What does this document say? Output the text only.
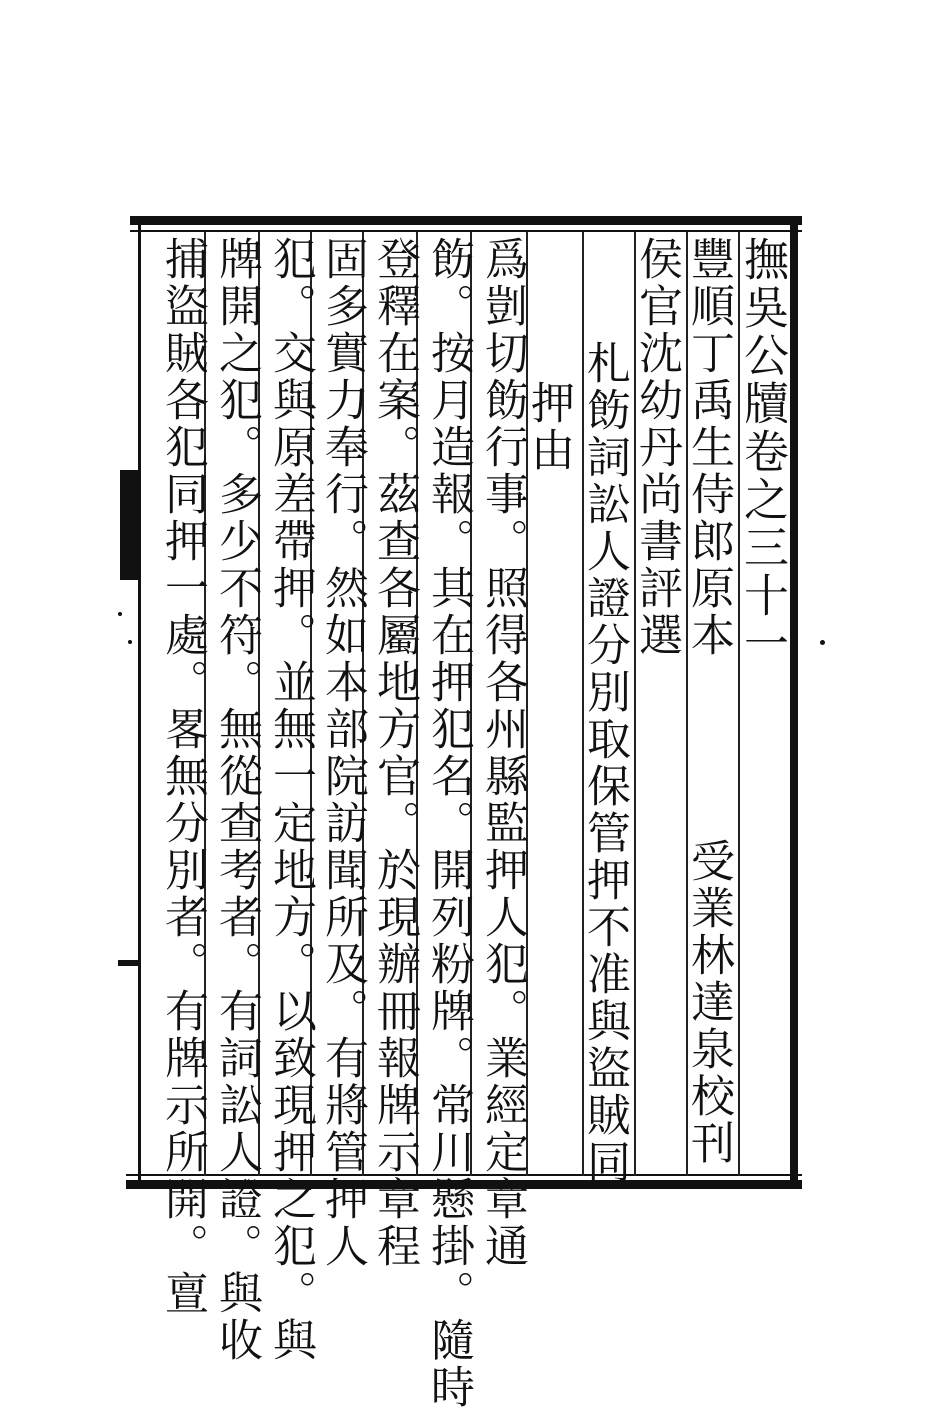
撫吳公牘卷之三十一
豐順丁禹生侍郎原本
受業林達泉校刊
侯官沈幼丹尚書評選
札飭詞訟人證分別取保管押不准與盜賊同
押由
爲剴切飭行事。照得各州縣監押人犯。業經定章通
飭。按月造報。其在押犯名。開列粉牌。常川懸掛。隨時
登釋在案。茲查各屬地方官。於現辦冊報牌示章程
固多實力奉行。然如本部院訪聞所及。有將管押人
犯。交與原差帶押。並無一定地方。以致現押之犯。與
牌開之犯。多少不符。無從查考者。有詞訟人證。與收
捕盜賊各犯同押一處。畧無分別者。有牌示所開。亶
